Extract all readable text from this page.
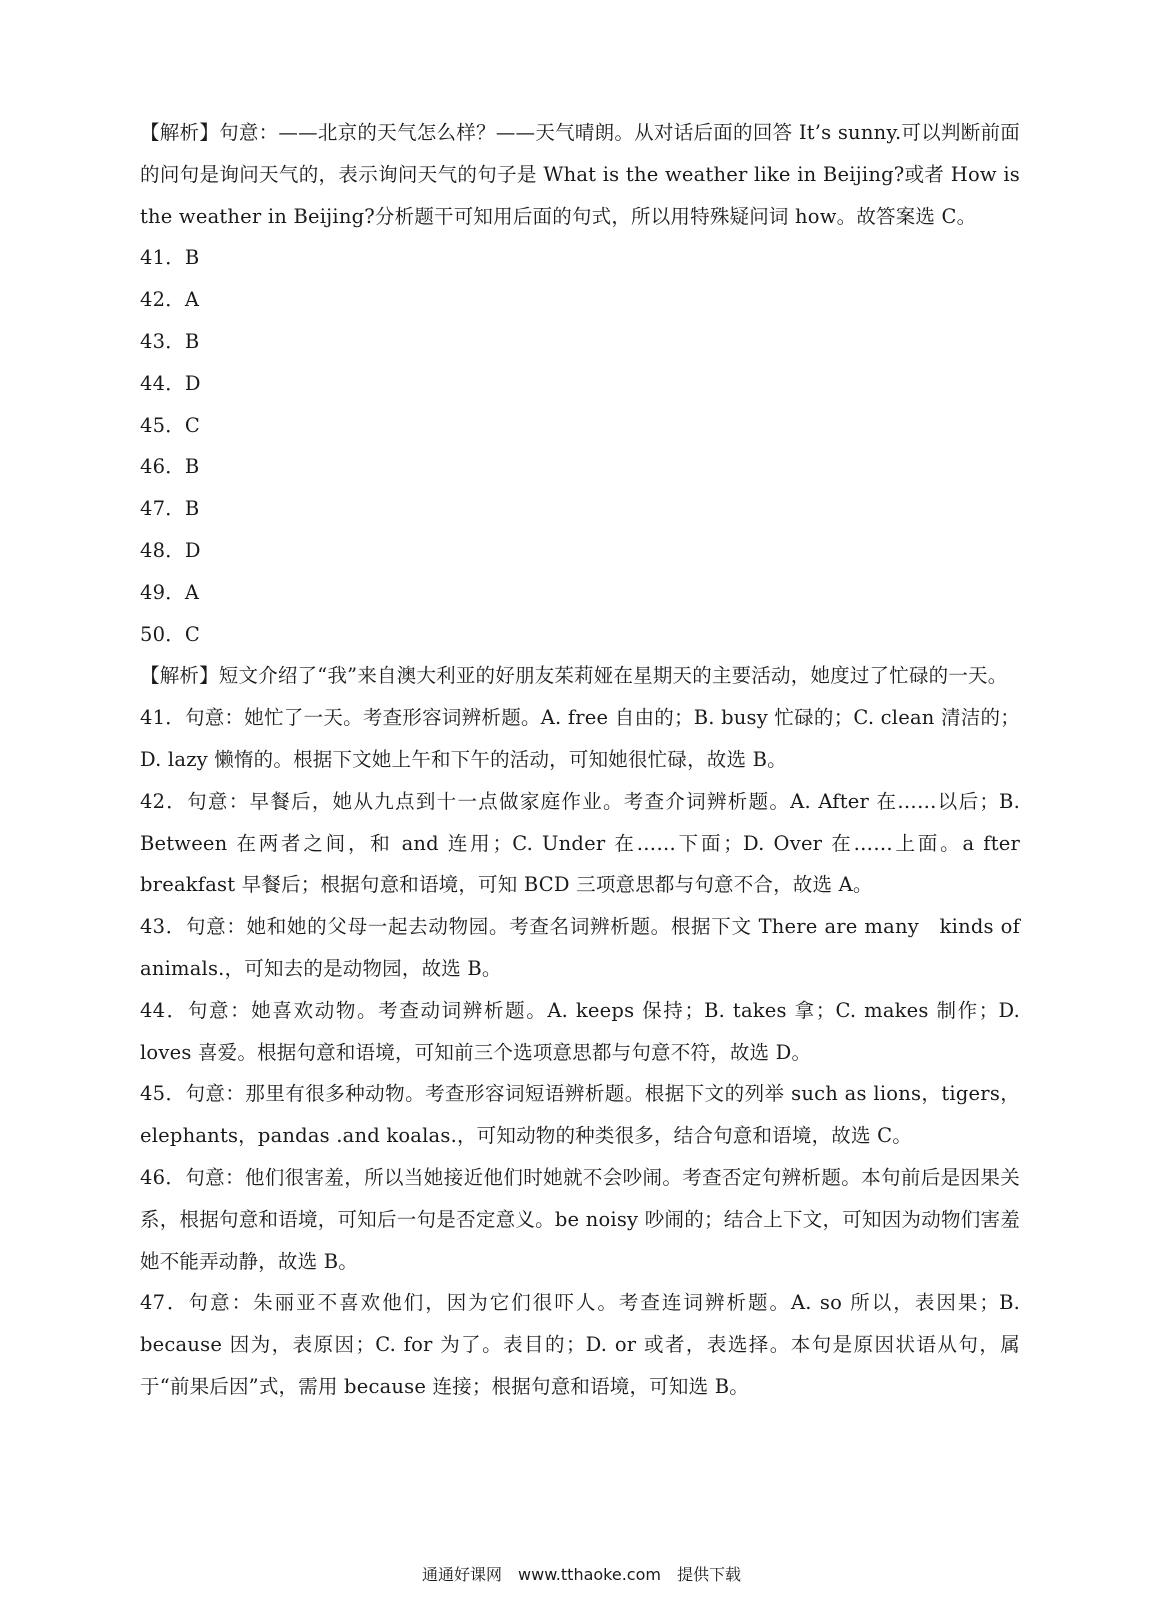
【解析】句意：——北京的天气怎么样？——天气晴朗。从对话后面的回答 It’s sunny.可以判断前面的问句是询问天气的，表示询问天气的句子是 What is the weather like in Beijing?或者 How is the weather in Beijing?分析题干可知用后面的句式，所以用特殊疑问词 how。故答案选 C。

41．B

42．A

43．B

44．D

45．C

46．B

47．B

48．D

49．A

50．C

【解析】短文介绍了“我”来自澳大利亚的好朋友茱莉娅在星期天的主要活动，她度过了忙碌的一天。

41．句意：她忙了一天。考查形容词辨析题。A. free 自由的；B. busy 忙碌的；C. clean 清洁的；D. lazy 懒惰的。根据下文她上午和下午的活动，可知她很忙碌，故选 B。

42．句意：早餐后，她从九点到十一点做家庭作业。考查介词辨析题。A. After 在……以后；B. Between 在两者之间，和 and 连用；C. Under 在……下面；D. Over 在……上面。a fter breakfast 早餐后；根据句意和语境，可知 BCD 三项意思都与句意不合，故选 A。

43．句意：她和她的父母一起去动物园。考查名词辨析题。根据下文 There are many　kinds of animals.，可知去的是动物园，故选 B。

44．句意：她喜欢动物。考查动词辨析题。A. keeps 保持；B. takes 拿；C. makes 制作；D. loves 喜爱。根据句意和语境，可知前三个选项意思都与句意不符，故选 D。

45．句意：那里有很多种动物。考查形容词短语辨析题。根据下文的列举 such as lions，tigers，elephants，pandas .and koalas.，可知动物的种类很多，结合句意和语境，故选 C。

46．句意：他们很害羞，所以当她接近他们时她就不会吵闹。考查否定句辨析题。本句前后是因果关系，根据句意和语境，可知后一句是否定意义。be noisy 吵闹的；结合上下文，可知因为动物们害羞她不能弄动静，故选 B。

47．句意：朱丽亚不喜欢他们，因为它们很吓人。考查连词辨析题。A. so 所以，表因果；B. because 因为，表原因；C. for 为了。表目的；D. or 或者，表选择。本句是原因状语从句，属于“前果后因”式，需用 because 连接；根据句意和语境，可知选 B。

通通好课网　www.tthaoke.com　提供下载
